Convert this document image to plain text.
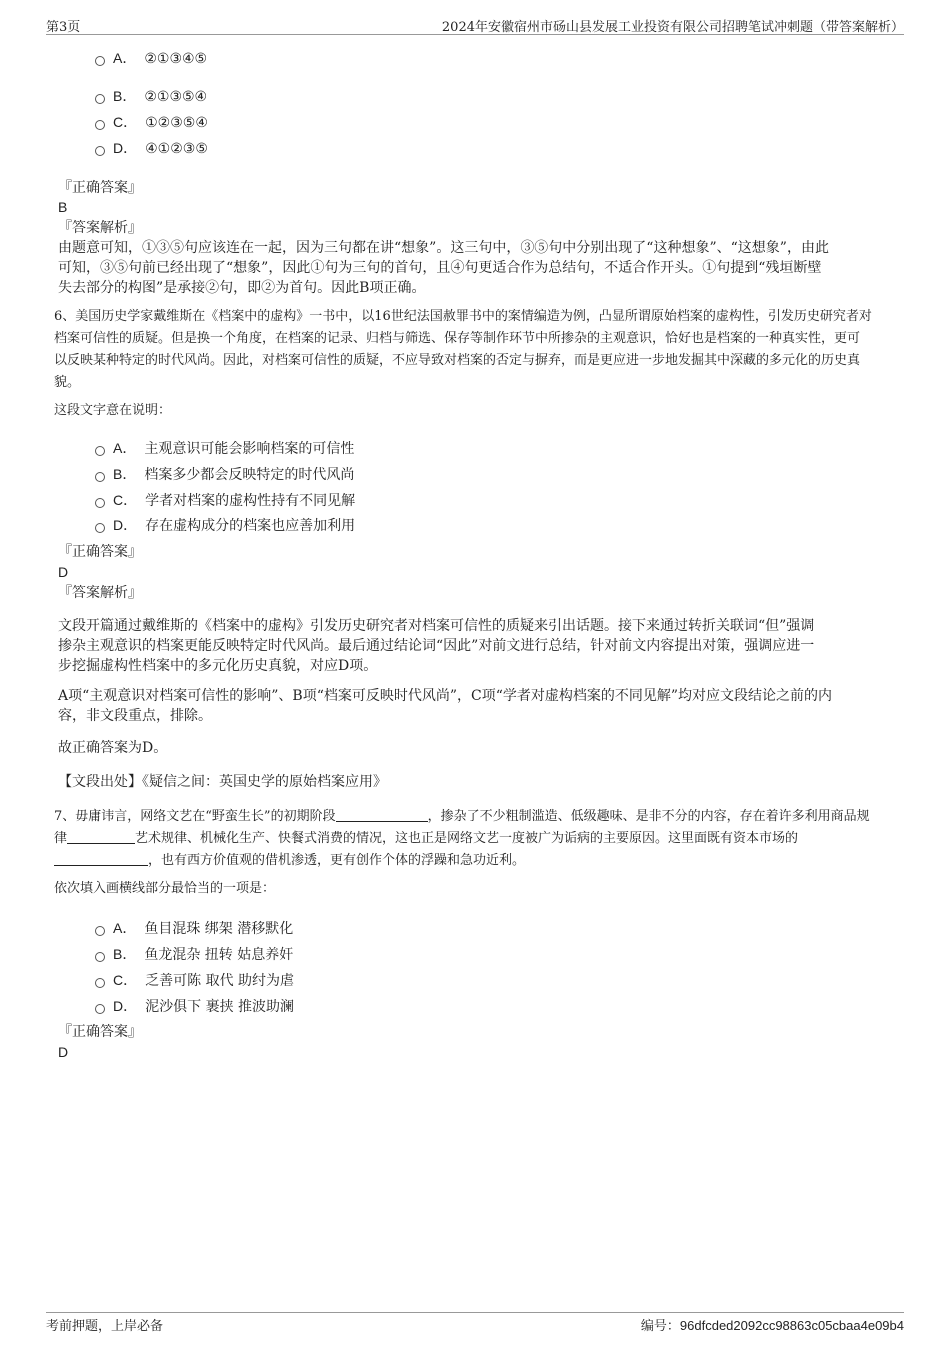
第3页	2024年安徽宿州市砀山县发展工业投资有限公司招聘笔试冲刺题（带答案解析）
A． ②①③④⑤
B． ②①③⑤④
C． ①②③⑤④
D． ④①②③⑤
『正确答案』
B
『答案解析』
由题意可知，①③⑤句应该连在一起，因为三句都在讲“想象”。这三句中，③⑤句中分别出现了“这种想象”、“这想象”，由此
可知，③⑤句前已经出现了“想象”，因此①句为三句的首句，且④句更适合作为总结句，不适合作开头。①句提到“残垣断壁
失去部分的构图”是承接②句，即②为首句。因此B项正确。
6、美国历史学家戴维斯在《档案中的虚构》一书中，以16世纪法国赦罪书中的案情编造为例，凸显所谓原始档案的虚构性，引发历史研究者对
档案可信性的质疑。但是换一个角度，在档案的记录、归档与筛选、保存等制作环节中所掺杂的主观意识，恰好也是档案的一种真实性，更可
以反映某种特定的时代风尚。因此，对档案可信性的质疑，不应导致对档案的否定与摒弃，而是更应进一步地发掘其中深藏的多元化的历史真
貌。
这段文字意在说明：
A． 主观意识可能会影响档案的可信性
B． 档案多少都会反映特定的时代风尚
C． 学者对档案的虚构性持有不同见解
D． 存在虚构成分的档案也应善加利用
『正确答案』
D
『答案解析』
文段开篇通过戴维斯的《档案中的虚构》引发历史研究者对档案可信性的质疑来引出话题。接下来通过转折关联词“但”强调
掺杂主观意识的档案更能反映特定时代风尚。最后通过结论词“因此”对前文进行总结，针对前文内容提出对策，强调应进一
步挖掘虚构性档案中的多元化历史真貌，对应D项。
A项“主观意识对档案可信性的影响”、B项“档案可反映时代风尚”，C项“学者对虚构档案的不同见解”均对应文段结论之前的内
容，非文段重点，排除。
故正确答案为D。
【文段出处】《疑信之间：英国史学的原始档案应用》
7、毋庸讳言，网络文艺在“野蛮生长”的初期阶段	，掺杂了不少粗制滥造、低级趣味、是非不分的内容，存在着许多利用商品规
律	艺术规律、机械化生产、快餐式消费的情况，这也正是网络文艺一度被广为诟病的主要原因。这里面既有资本市场的
，也有西方价值观的借机渗透，更有创作个体的浮躁和急功近利。
依次填入画横线部分最恰当的一项是：
A． 鱼目混珠 绑架 潜移默化
B． 鱼龙混杂 扭转 姑息养奸
C． 乏善可陈 取代 助纣为虐
D． 泥沙俱下 裹挟 推波助澜
『正确答案』
D
考前押题，上岸必备	编号：96dfcded2092cc98863c05cbaa4e09b4
